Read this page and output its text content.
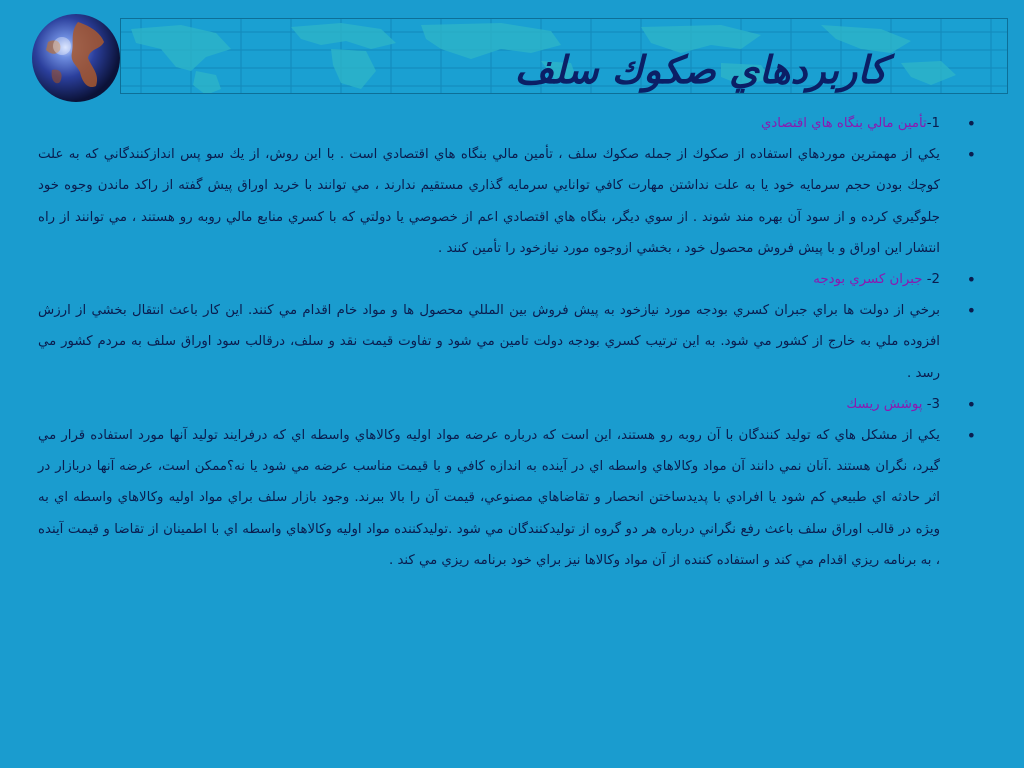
كاربردهاي صكوك سلف

•
1-تأمين مالي بنگاه هاي اقتصادي

•
يكي از مهمترين موردهاي استفاده از صكوك از جمله صكوك سلف ، تأمين مالي بنگاه هاي اقتصادي است . با اين روش، از يك سو پس اندازكنندگاني كه به علت كوچك بودن حجم سرمايه خود يا به علت نداشتن مهارت كافي توانايي سرمايه گذاري مستقيم ندارند ، مي توانند با خريد اوراق پيش گفته از راكد ماندن وجوه خود جلوگيري كرده و از سود آن بهره مند شوند . از سوي ديگر، بنگاه هاي اقتصادي اعم از خصوصي يا دولتي كه با كسري منابع مالي روبه رو هستند ، مي توانند از راه انتشار اين اوراق و با پيش فروش محصول خود ، بخشي ازوجوه مورد نيازخود را تأمين كنند .

•
2- جبران كسري بودجه

•
برخي از دولت ها براي جبران كسري بودجه مورد نيازخود به پيش فروش بين المللي محصول ها و مواد خام اقدام مي كنند. اين كار باعث انتقال بخشي از ارزش افزوده ملي به خارج از كشور مي شود. به اين ترتيب كسري بودجه دولت تامين مي شود و تفاوت قيمت نقد و سلف، درقالب سود اوراق سلف به مردم كشور مي رسد .

•
3- پوشش ريسك

•
يكي از مشكل هاي كه توليد كنندگان با آن روبه رو هستند، اين است كه درباره عرضه مواد اوليه وكالاهاي واسطه اي كه درفرايند توليد آنها مورد استفاده قرار مي گيرد، نگران هستند .آنان نمي دانند آن مواد وكالاهاي واسطه اي در آينده به اندازه كافي و با قيمت مناسب عرضه مي شود يا نه؟ممكن است، عرضه آنها دربازار در اثر حادثه اي طبيعي كم شود يا افرادي با پديدساختن انحصار و تقاضاهاي مصنوعي، قيمت آن را بالا ببرند. وجود بازار سلف براي مواد اوليه وكالاهاي واسطه اي به ويژه در قالب اوراق سلف باعث رفع نگراني درباره هر دو گروه از توليدكنندگان مي شود .توليدكننده مواد اوليه وكالاهاي واسطه اي با اطمينان از تقاضا و قيمت آينده ، به برنامه ريزي اقدام مي كند و استفاده كننده از آن مواد وكالاها نيز براي خود برنامه ريزي مي كند .
